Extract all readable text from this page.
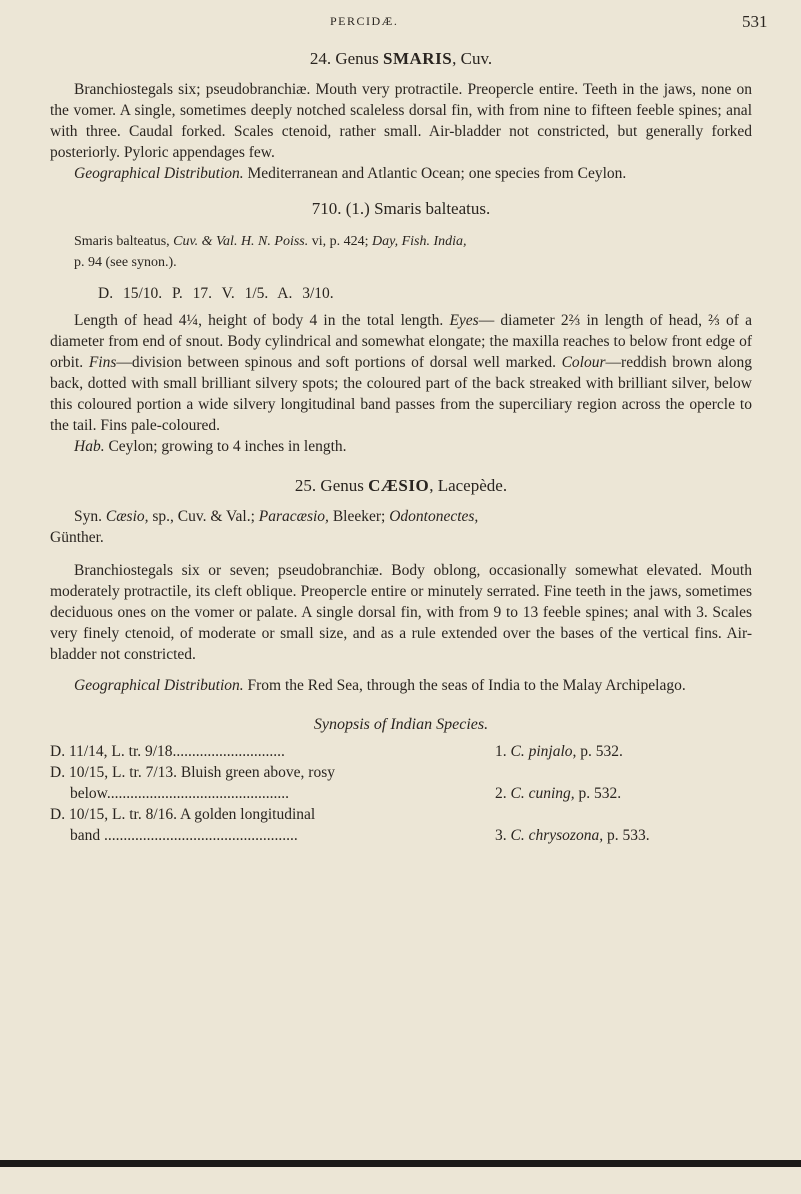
PERCIDÆ.	531
24. Genus SMARIS, Cuv.

Branchiostegals six; pseudobranchiæ. Mouth very protractile. Preopercle entire. Teeth in the jaws, none on the vomer. A single, sometimes deeply notched scaleless dorsal fin, with from nine to fifteen feeble spines; anal with three. Caudal forked. Scales ctenoid, rather small. Air-bladder not constricted, but generally forked posteriorly. Pyloric appendages few.

Geographical Distribution. Mediterranean and Atlantic Ocean; one species from Ceylon.

710. (1.) Smaris balteatus.

Smaris balteatus, Cuv. & Val. H. N. Poiss. vi, p. 424; Day, Fish. India,

p. 94 (see synon.).

D. 15/10. P. 17. V. 1/5. A. 3/10.

Length of head 4¼, height of body 4 in the total length. Eyes— diameter 2⅔ in length of head, ⅔ of a diameter from end of snout. Body cylindrical and somewhat elongate; the maxilla reaches to below front edge of orbit. Fins—division between spinous and soft portions of dorsal well marked. Colour—reddish brown along back, dotted with small brilliant silvery spots; the coloured part of the back streaked with brilliant silver, below this coloured portion a wide silvery longitudinal band passes from the superciliary region across the opercle to the tail. Fins pale-coloured.

Hab. Ceylon; growing to 4 inches in length.

25. Genus CÆSIO, Lacepède.

Syn. Cæsio, sp., Cuv. & Val.; Paracæsio, Bleeker; Odontonectes,

Günther.

Branchiostegals six or seven; pseudobranchiæ. Body oblong, occasionally somewhat elevated. Mouth moderately protractile, its cleft oblique. Preopercle entire or minutely serrated. Fine teeth in the jaws, sometimes deciduous ones on the vomer or palate. A single dorsal fin, with from 9 to 13 feeble spines; anal with 3. Scales very finely ctenoid, of moderate or small size, and as a rule extended over the bases of the vertical fins. Air-bladder not constricted.

Geographical Distribution. From the Red Sea, through the seas of India to the Malay Archipelago.

Synopsis of Indian Species.
D. 11/14, L. tr. 9/18.............................	1. C. pinjalo, p. 532.
D. 10/15, L. tr. 7/13. Bluish green above, rosy
below...............................................	2. C. cuning, p. 532.
D. 10/15, L. tr. 8/16. A golden longitudinal
band ..................................................	3. C. chrysozona, p. 533.
